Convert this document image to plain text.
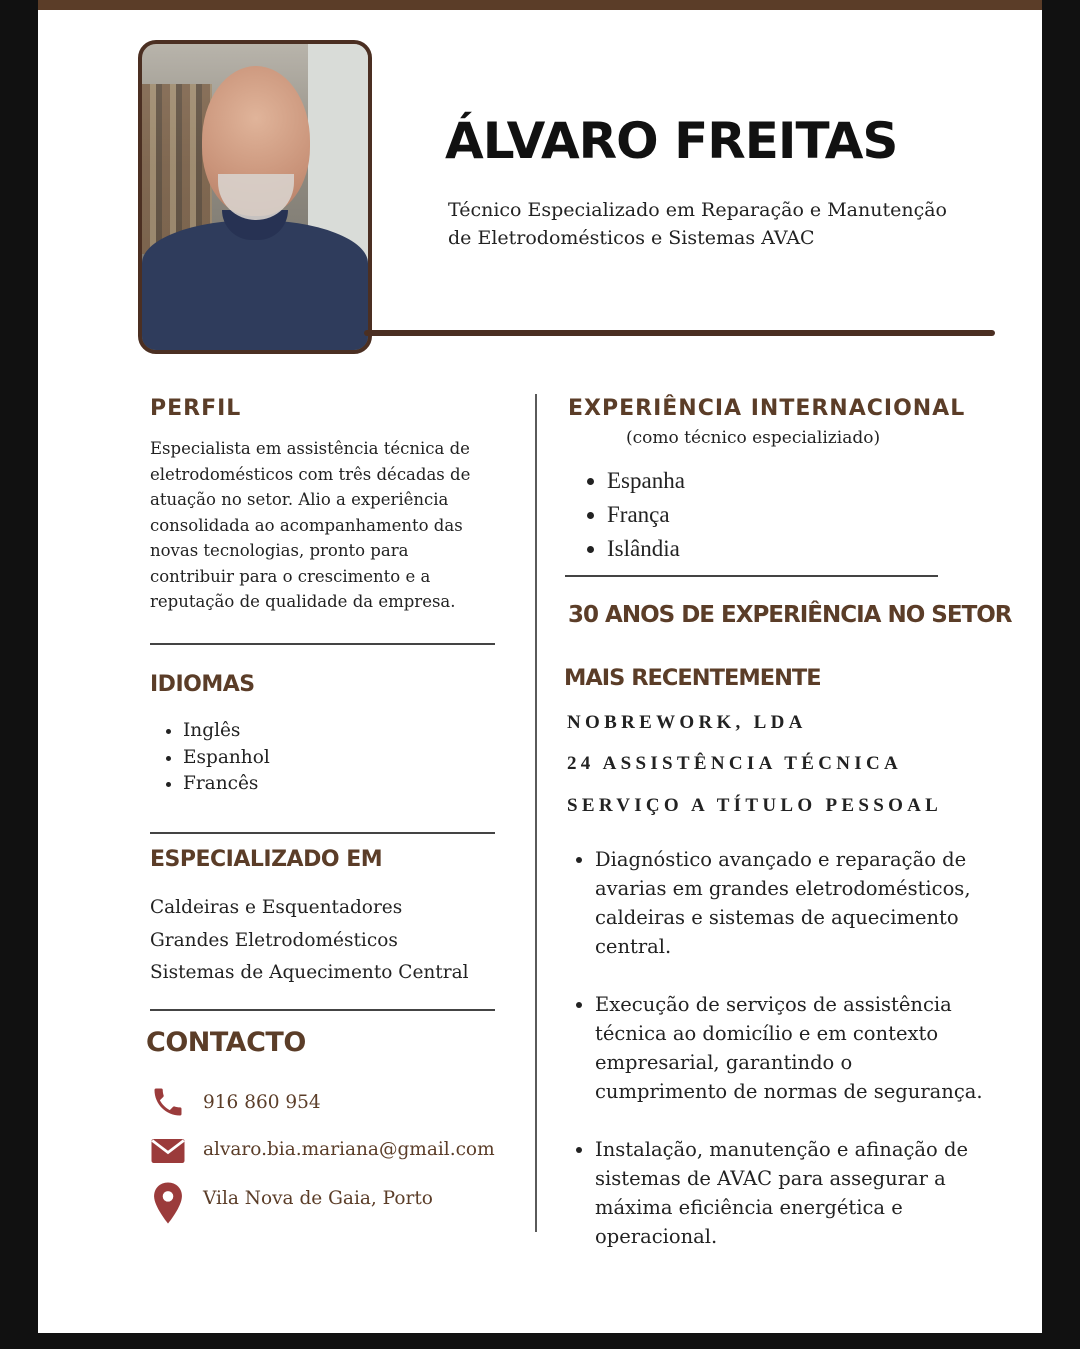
ÁLVARO FREITAS
Técnico Especializado em Reparação e Manutenção
de Eletrodomésticos e Sistemas AVAC
PERFIL
Especialista em assistência técnica de
eletrodomésticos com três décadas de
atuação no setor. Alio a experiência
consolidada ao acompanhamento das
novas tecnologias, pronto para
contribuir para o crescimento e a
reputação de qualidade da empresa.
IDIOMAS
• Inglês
• Espanhol
• Francês
ESPECIALIZADO EM
Caldeiras e Esquentadores
Grandes Eletrodomésticos
Sistemas de Aquecimento Central
CONTACTO
916 860 954
alvaro.bia.mariana@gmail.com
Vila Nova de Gaia, Porto
EXPERIÊNCIA INTERNACIONAL
(como técnico especializiado)
• Espanha
• França
• Islândia
30 ANOS DE EXPERIÊNCIA NO SETOR
MAIS RECENTEMENTE
NOBREWORK, LDA
24 ASSISTÊNCIA TÉCNICA
SERVIÇO A TÍTULO PESSOAL
• Diagnóstico avançado e reparação de
avarias em grandes eletrodomésticos,
caldeiras e sistemas de aquecimento
central.
• Execução de serviços de assistência
técnica ao domicílio e em contexto
empresarial, garantindo o
cumprimento de normas de segurança.
• Instalação, manutenção e afinação de
sistemas de AVAC para assegurar a
máxima eficiência energética e
operacional.
